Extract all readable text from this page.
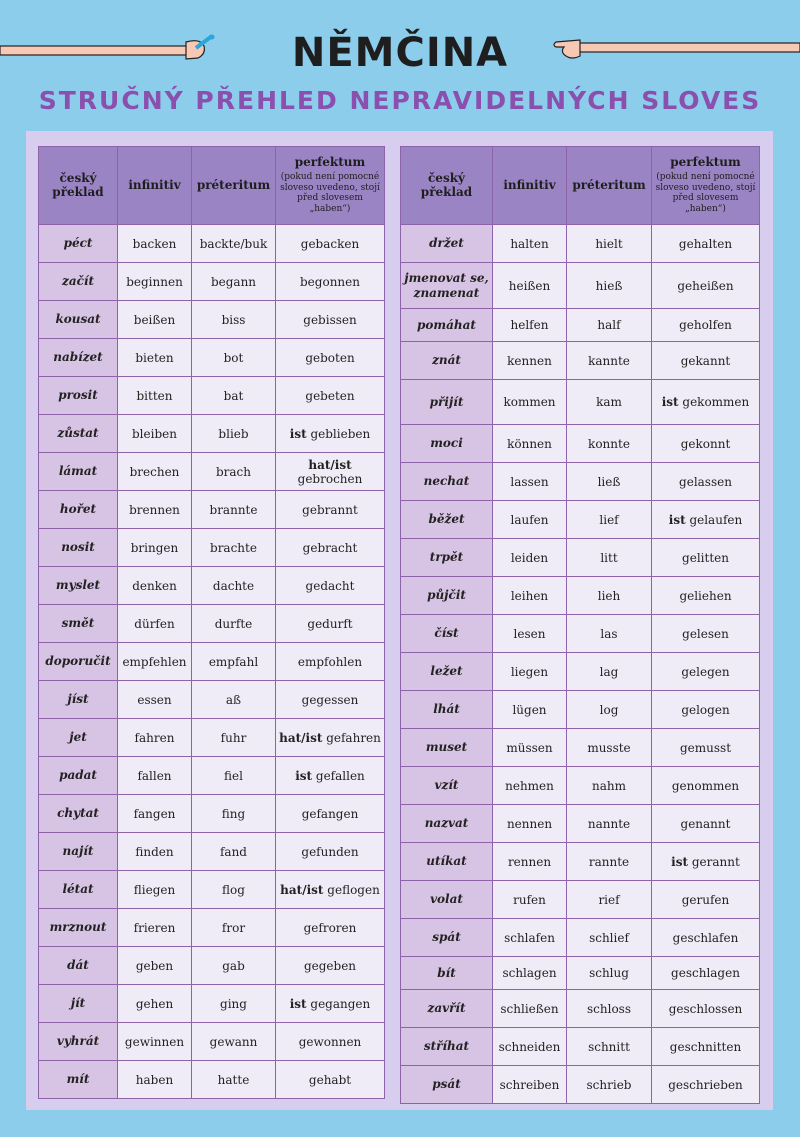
NĚMČINA
STRUČNÝ PŘEHLED NEPRAVIDELNÝCH SLOVES
český překlad	infinitiv	préteritum	perfektum
(pokud není pomocné sloveso uvedeno, stojí před slovesem „haben“)

péct	backen	backte/buk	gebacken
začít	beginnen	begann	begonnen
kousat	beißen	biss	gebissen
nabízet	bieten	bot	geboten
prosit	bitten	bat	gebeten
zůstat	bleiben	blieb	ist geblieben
lámat	brechen	brach	hat/ist gebrochen
hořet	brennen	brannte	gebrannt
nosit	bringen	brachte	gebracht
myslet	denken	dachte	gedacht
smět	dürfen	durfte	gedurft
doporučit	empfehlen	empfahl	empfohlen
jíst	essen	aß	gegessen
jet	fahren	fuhr	hat/ist gefahren
padat	fallen	fiel	ist gefallen
chytat	fangen	fing	gefangen
najít	finden	fand	gefunden
létat	fliegen	flog	hat/ist geflogen
mrznout	frieren	fror	gefroren
dát	geben	gab	gegeben
jít	gehen	ging	ist gegangen
vyhrát	gewinnen	gewann	gewonnen
mít	haben	hatte	gehabt
český překlad	infinitiv	préteritum	perfektum
(pokud není pomocné sloveso uvedeno, stojí před slovesem „haben“)

držet	halten	hielt	gehalten
jmenovat se, znamenat	heißen	hieß	geheißen
pomáhat	helfen	half	geholfen
znát	kennen	kannte	gekannt
přijít	kommen	kam	ist gekommen
moci	können	konnte	gekonnt
nechat	lassen	ließ	gelassen
běžet	laufen	lief	ist gelaufen
trpět	leiden	litt	gelitten
půjčit	leihen	lieh	geliehen
číst	lesen	las	gelesen
ležet	liegen	lag	gelegen
lhát	lügen	log	gelogen
muset	müssen	musste	gemusst
vzít	nehmen	nahm	genommen
nazvat	nennen	nannte	genannt
utíkat	rennen	rannte	ist gerannt
volat	rufen	rief	gerufen
spát	schlafen	schlief	geschlafen
bít	schlagen	schlug	geschlagen
zavřít	schließen	schloss	geschlossen
stříhat	schneiden	schnitt	geschnitten
psát	schreiben	schrieb	geschrieben
